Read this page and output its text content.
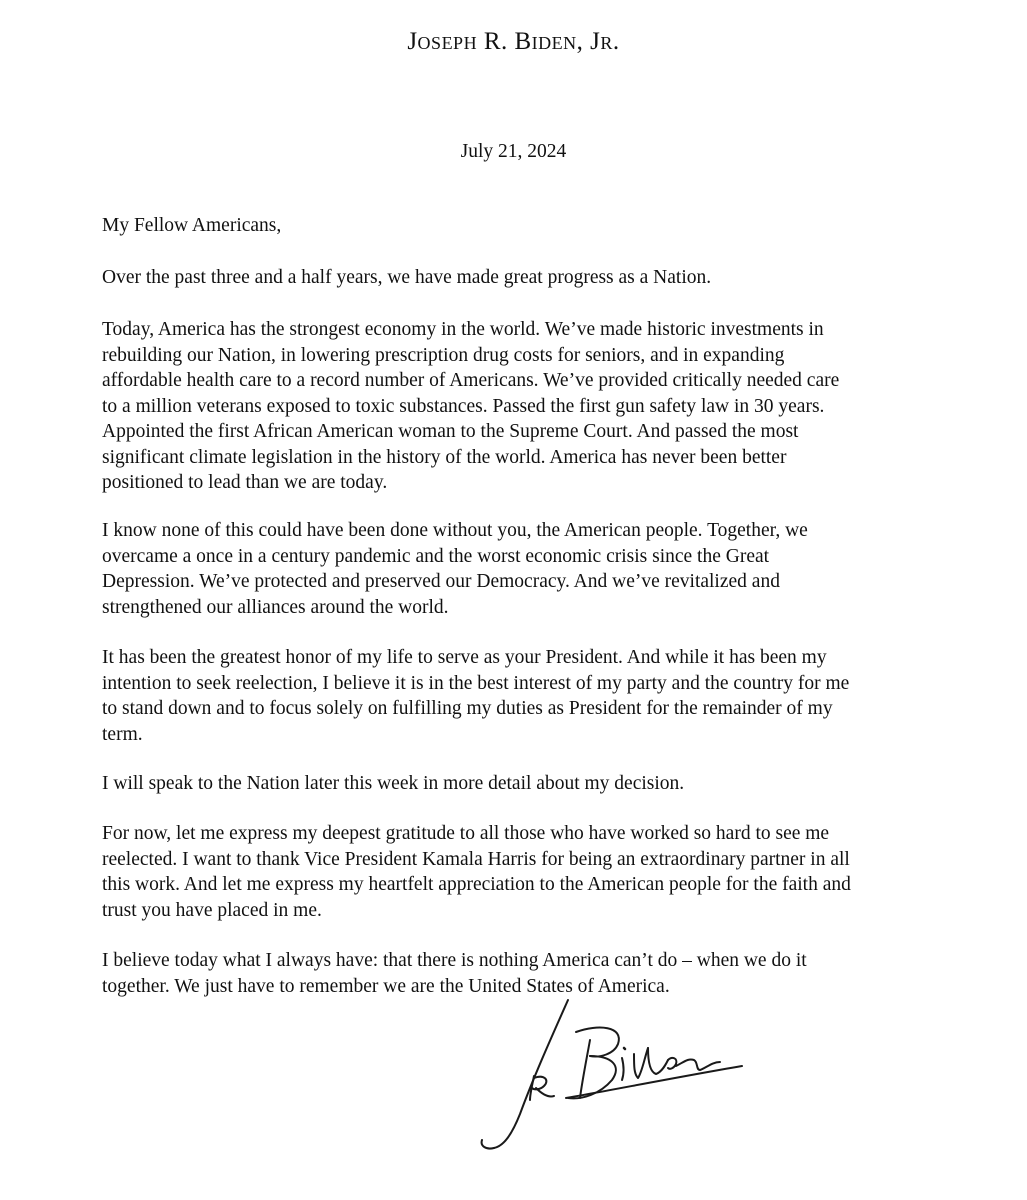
Joseph R. Biden, Jr.
July 21, 2024
My Fellow Americans,

Over the past three and a half years, we have made great progress as a Nation.

Today, America has the strongest economy in the world. We’ve made historic investments in
rebuilding our Nation, in lowering prescription drug costs for seniors, and in expanding
affordable health care to a record number of Americans. We’ve provided critically needed care
to a million veterans exposed to toxic substances. Passed the first gun safety law in 30 years.
Appointed the first African American woman to the Supreme Court. And passed the most
significant climate legislation in the history of the world. America has never been better
positioned to lead than we are today.

I know none of this could have been done without you, the American people. Together, we
overcame a once in a century pandemic and the worst economic crisis since the Great
Depression. We’ve protected and preserved our Democracy. And we’ve revitalized and
strengthened our alliances around the world.

It has been the greatest honor of my life to serve as your President. And while it has been my
intention to seek reelection, I believe it is in the best interest of my party and the country for me
to stand down and to focus solely on fulfilling my duties as President for the remainder of my
term.

I will speak to the Nation later this week in more detail about my decision.

For now, let me express my deepest gratitude to all those who have worked so hard to see me
reelected. I want to thank Vice President Kamala Harris for being an extraordinary partner in all
this work. And let me express my heartfelt appreciation to the American people for the faith and
trust you have placed in me.

I believe today what I always have: that there is nothing America can’t do – when we do it
together. We just have to remember we are the United States of America.
